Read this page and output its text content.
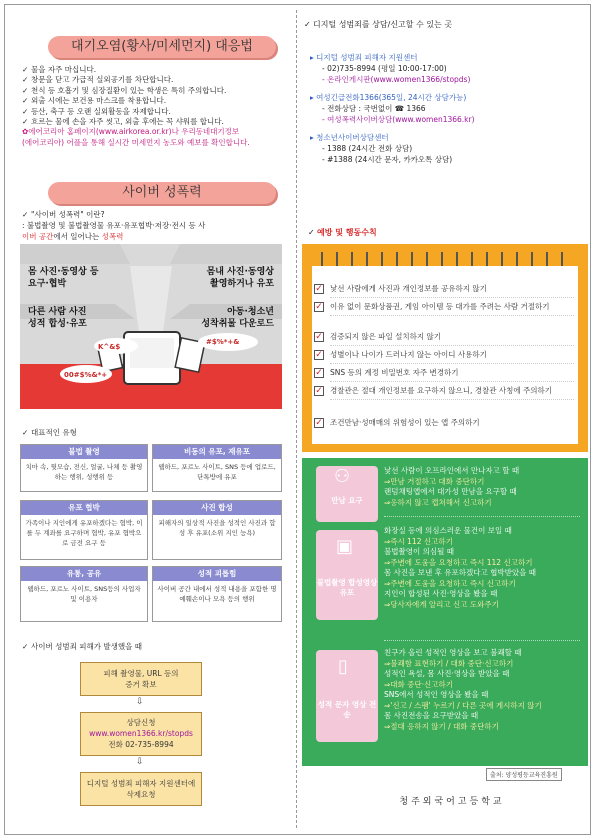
대기오염(황사/미세먼지) 대응법
✓ 물을 자주 마십니다.
✓ 창문을 닫고 가급적 실외공기를 차단합니다.
✓ 천식 등 호흡기 및 심장질환이 있는 학생은 특히 주의합니다.
✓ 외출 시에는 보건용 마스크를 착용합니다.
✓ 등산, 축구 등 오랜 실외활동을 자제합니다.
✓ 흐르는 물에 손을 자주 씻고, 외출 후에는 꼭 샤워를 합니다.
✿에어코리아 홈페이지(www.airkorea.or.kr)나 우리동네대기정보
(에어코리아) 어플을 통해 실시간 미세먼지 농도와 예보를 확인합니다.
사이버 성폭력
✓ "사이버 성폭력" 이란?
: 불법촬영 및 불법촬영물 유포·유포협박·저장·전시 등 사
이버 공간에서 일어나는 성폭력
몸 사진·동영상 등
요구·협박
몸내 사진·동영상
촬영하거나 유포
다른 사람 사진
성적 합성·유포
아동·청소년
성착취물 다운로드
K^&$
#$%*+&
00#$%&*+
✓ 대표적인 유형
불법 촬영
치마 속, 뒷모습, 전신, 얼굴, 나체 등 촬영하는 행위, 성행위 등
비동의 유포, 재유포
웹하드, 포르노 사이트, SNS 등에 업로드, 단톡방에 유포
유포 협박
가족이나 지인에게 유포하겠다는 협박, 이를 두 계좌를 요구하며 협박, 유포 협박으로 금전 요구 등
사진 합성
피해자의 일상적 사진을 성적인 사진과 합성 후 유포(소위 지인 능욕)
유통, 공유
웹하드, 포르노 사이트, SNS등의 사업자 및 이용자
성적 괴롭힘
사이버 공간 내에서 성적 내용을 포함한 명예훼손이나 모욕 등의 행위
✓ 사이버 성범죄 피해가 발생했을 때
피해 촬영물, URL 등의
증거 확보
⇩
상담신청
www.women1366.kr/stopds
전화 02-735-8994
⇩
디지털 성범죄 피해자 지원센터에
삭제요청
✓ 디지털 성범죄를 상담/신고할 수 있는 곳
▸ 디지털 성범죄 피해자 지원센터
- 02)735-8994 (평일 10:00-17:00)
- 온라인게시판(www.women1366/stopds)
▸ 여성긴급전화1366(365일, 24시간 상담가능)
- 전화상담 : 국번없이 ☎ 1366
- 여성폭력사이버상담(www.women1366.kr)
▸ 청소년사이버상담센터
- 1388 (24시간 전화 상담)
- #1388 (24시간 문자, 카카오톡 상담)
✓ 예방 및 행동수칙
✓ 낯선 사람에게 사진과 개인정보를 공유하지 않기
✓ 이유 없이 문화상품권, 게임 아이템 등 대가를 주려는 사람 거절하기
✓ 검증되지 않은 파일 설치하지 않기
✓ 성별이나 나이가 드러나지 않는 아이디 사용하기
✓ SNS 등의 계정 비밀번호 자주 변경하기
✓ 경찰관은 절대 개인정보를 요구하지 않으니, 경찰관 사칭에 주의하기
✓ 조건만남·성매매의 위험성이 있는 앱 주의하기
⚇
만남 요구
낯선 사람이 오프라인에서 만나자고 할 때
⇒만남 거절하고 대화 중단하기
랜덤채팅앱에서 대가성 만남을 요구할 때
⇒응하지 않고 캡쳐해서 신고하기
▣
불법촬영 합성영상 유포
화장실 등에 의심스러운 물건이 보일 때
⇒즉시 112 신고하기
불법촬영이 의심될 때
⇒주변에 도움을 요청하고 즉시 112 신고하기
몸 사진을 보낸 후 유포하겠다고 협박받았을 때
⇒주변에 도움을 요청하고 즉시 신고하기
지인이 합성된 사진·영상을 봤을 때
⇒당사자에게 알리고 신고 도와주기
▯
성적 문자 영상 전송
친구가 올린 성적인 영상을 보고 불쾌할 때
⇒불쾌함 표현하기 / 대화 중단·신고하기
성적인 욕설, 몸 사진·영상을 받았을 때
⇒대화 중단·신고하기
SNS에서 성적인 영상을 봤을 때
⇒'신고 / 스팸' 누르기 / 다른 곳에 게시하지 않기
몸 사진전송을 요구받았을 때
⇒절대 응하지 않기 / 대화 중단하기
출처: 양성평등교육진흥원
청주외국어고등학교
